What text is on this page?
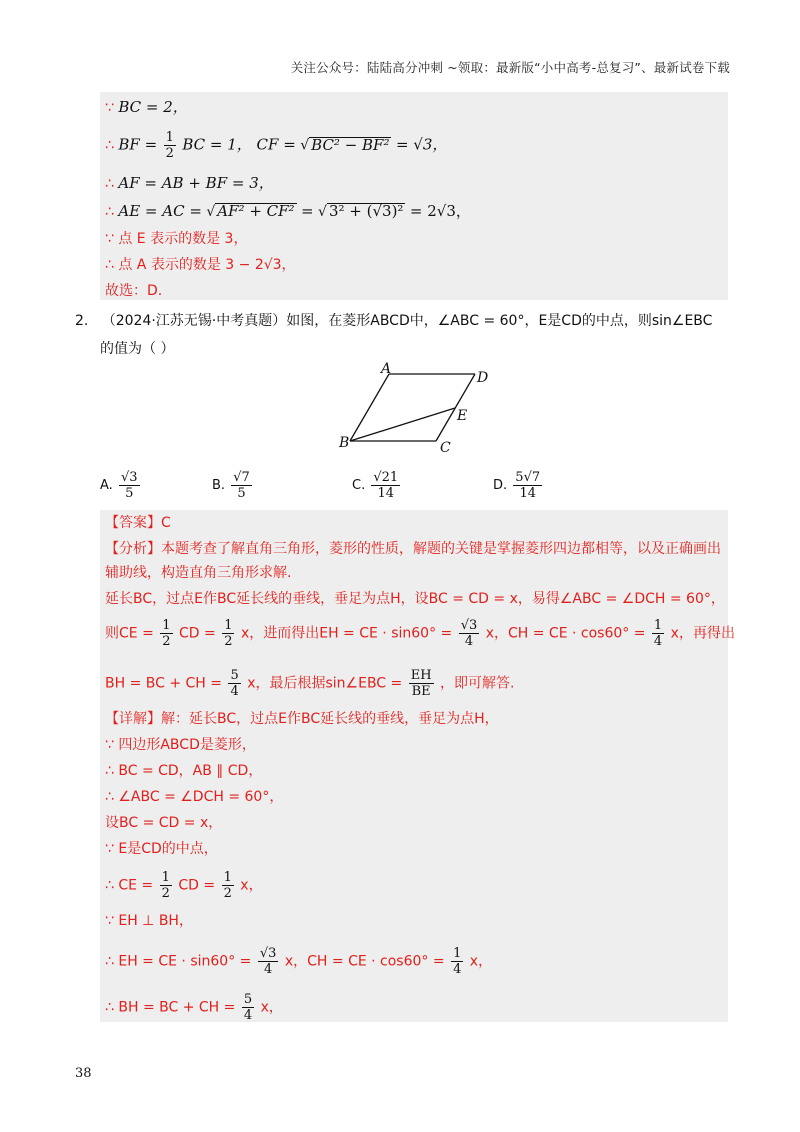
关注公众号：陆陆高分冲刺 ~领取：最新版“小中高考-总复习”、最新试卷下载
∵ BC = 2，
∴ BF = $\frac{1}{2}$ BC = 1， CF = √ BC² − BF² = √3，
∴ AF = AB + BF = 3，
∴ AE = AC = √ AF² + CF² = √ 3² + (√3)² = 2√3，
∵ 点 E 表示的数是 3，
∴ 点 A 表示的数是 3 − 2√3，
故选：D.
2. （2024·江苏无锡·中考真题）如图，在菱形ABCD中，∠ABC = 60°，E是CD的中点，则sin∠EBC
的值为（ ）
A
D
E
B	C
A. $\frac{√3}{5}$	B. $\frac{√7}{5}$	C. $\frac{√21}{14}$	D. $\frac{5√7}{14}$
【答案】C
【分析】本题考查了解直角三角形，菱形的性质，解题的关键是掌握菱形四边都相等，以及正确画出
辅助线，构造直角三角形求解.
延长BC，过点E作BC延长线的垂线，垂足为点H，设BC = CD = x，易得∠ABC = ∠DCH = 60°，
则CE = $\frac{1}{2}$ CD = $\frac{1}{2}$ x，进而得出EH = CE · $\sin 60^\circ = \frac{√3}{4}$ x，CH = CE · $\cos 60^\circ = \frac{1}{4}$ x，再得出
BH = BC + CH = $\frac{5}{4}$ x，最后根据sin∠EBC = $\frac{EH}{BE}$ ，即可解答.
【详解】解：延长BC，过点E作BC延长线的垂线，垂足为点H，
∵ 四边形ABCD是菱形，
∴ BC = CD，AB ∥ CD，
∴ ∠ABC = ∠DCH = 60°，
设BC = CD = x，
∵ E是CD的中点，
∴ CE = $\frac{1}{2}$ CD = $\frac{1}{2}$ x，
∵ EH ⊥ BH，
∴ EH = CE · $\sin 60^\circ = \frac{√3}{4}$ x，CH = CE · $\cos 60^\circ = \frac{1}{4}$ x，
∴ BH = BC + CH = $\frac{5}{4}$ x，
38
